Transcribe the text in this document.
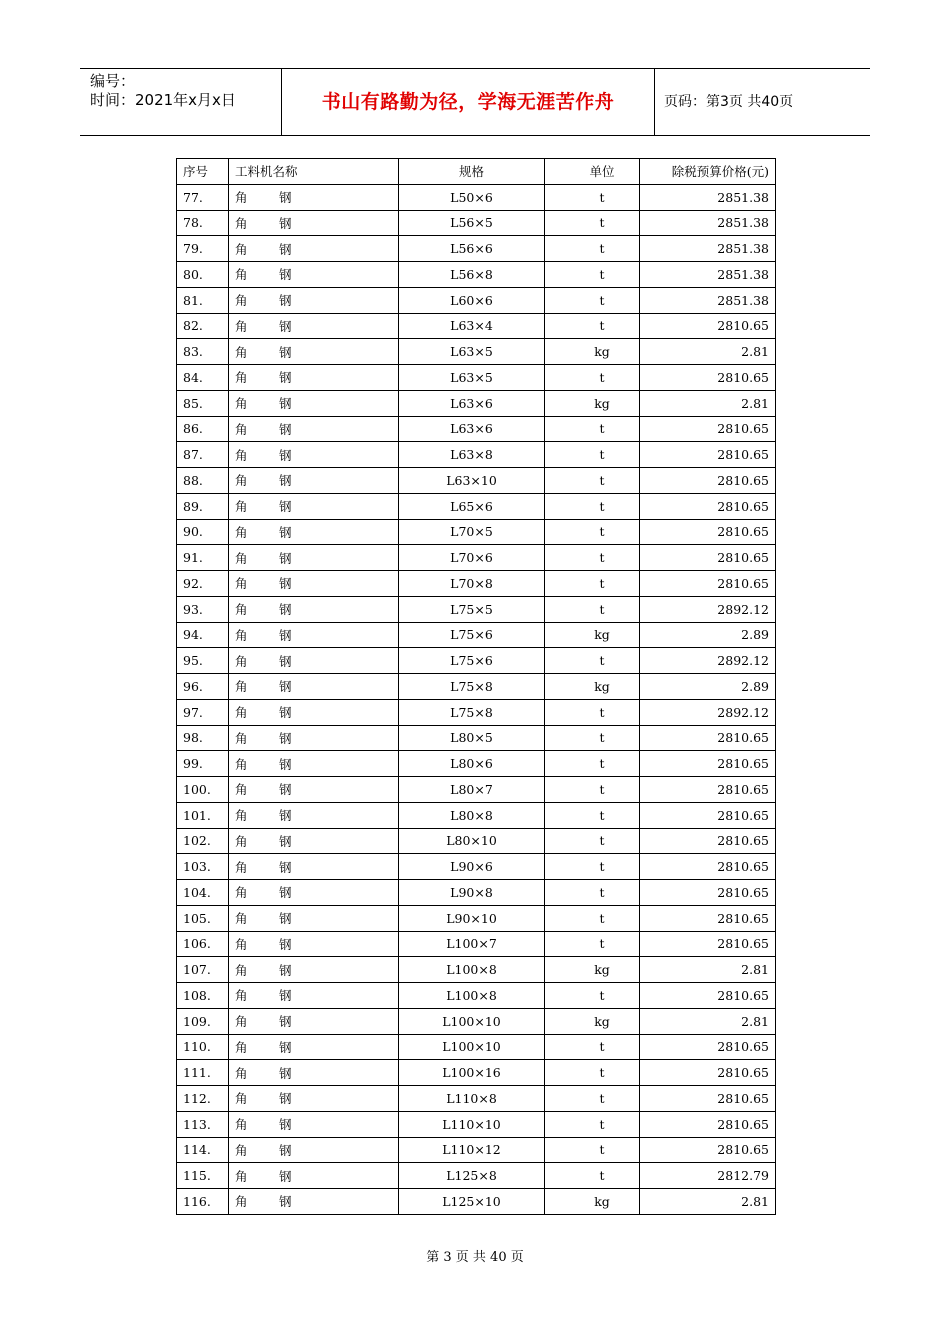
编号：
时间：2021年x月x日	书山有路勤为径，学海无涯苦作舟	页码：第3页 共40页
序号	工料机名称	规格	单位	除税预算价格(元)
77.	角 钢	L50×6	t	2851.38
78.	角 钢	L56×5	t	2851.38
79.	角 钢	L56×6	t	2851.38
80.	角 钢	L56×8	t	2851.38
81.	角 钢	L60×6	t	2851.38
82.	角 钢	L63×4	t	2810.65
83.	角 钢	L63×5	kg	2.81
84.	角 钢	L63×5	t	2810.65
85.	角 钢	L63×6	kg	2.81
86.	角 钢	L63×6	t	2810.65
87.	角 钢	L63×8	t	2810.65
88.	角 钢	L63×10	t	2810.65
89.	角 钢	L65×6	t	2810.65
90.	角 钢	L70×5	t	2810.65
91.	角 钢	L70×6	t	2810.65
92.	角 钢	L70×8	t	2810.65
93.	角 钢	L75×5	t	2892.12
94.	角 钢	L75×6	kg	2.89
95.	角 钢	L75×6	t	2892.12
96.	角 钢	L75×8	kg	2.89
97.	角 钢	L75×8	t	2892.12
98.	角 钢	L80×5	t	2810.65
99.	角 钢	L80×6	t	2810.65
100.	角 钢	L80×7	t	2810.65
101.	角 钢	L80×8	t	2810.65
102.	角 钢	L80×10	t	2810.65
103.	角 钢	L90×6	t	2810.65
104.	角 钢	L90×8	t	2810.65
105.	角 钢	L90×10	t	2810.65
106.	角 钢	L100×7	t	2810.65
107.	角 钢	L100×8	kg	2.81
108.	角 钢	L100×8	t	2810.65
109.	角 钢	L100×10	kg	2.81
110.	角 钢	L100×10	t	2810.65
111.	角 钢	L100×16	t	2810.65
112.	角 钢	L110×8	t	2810.65
113.	角 钢	L110×10	t	2810.65
114.	角 钢	L110×12	t	2810.65
115.	角 钢	L125×8	t	2812.79
116.	角 钢	L125×10	kg	2.81
第 3 页 共 40 页
